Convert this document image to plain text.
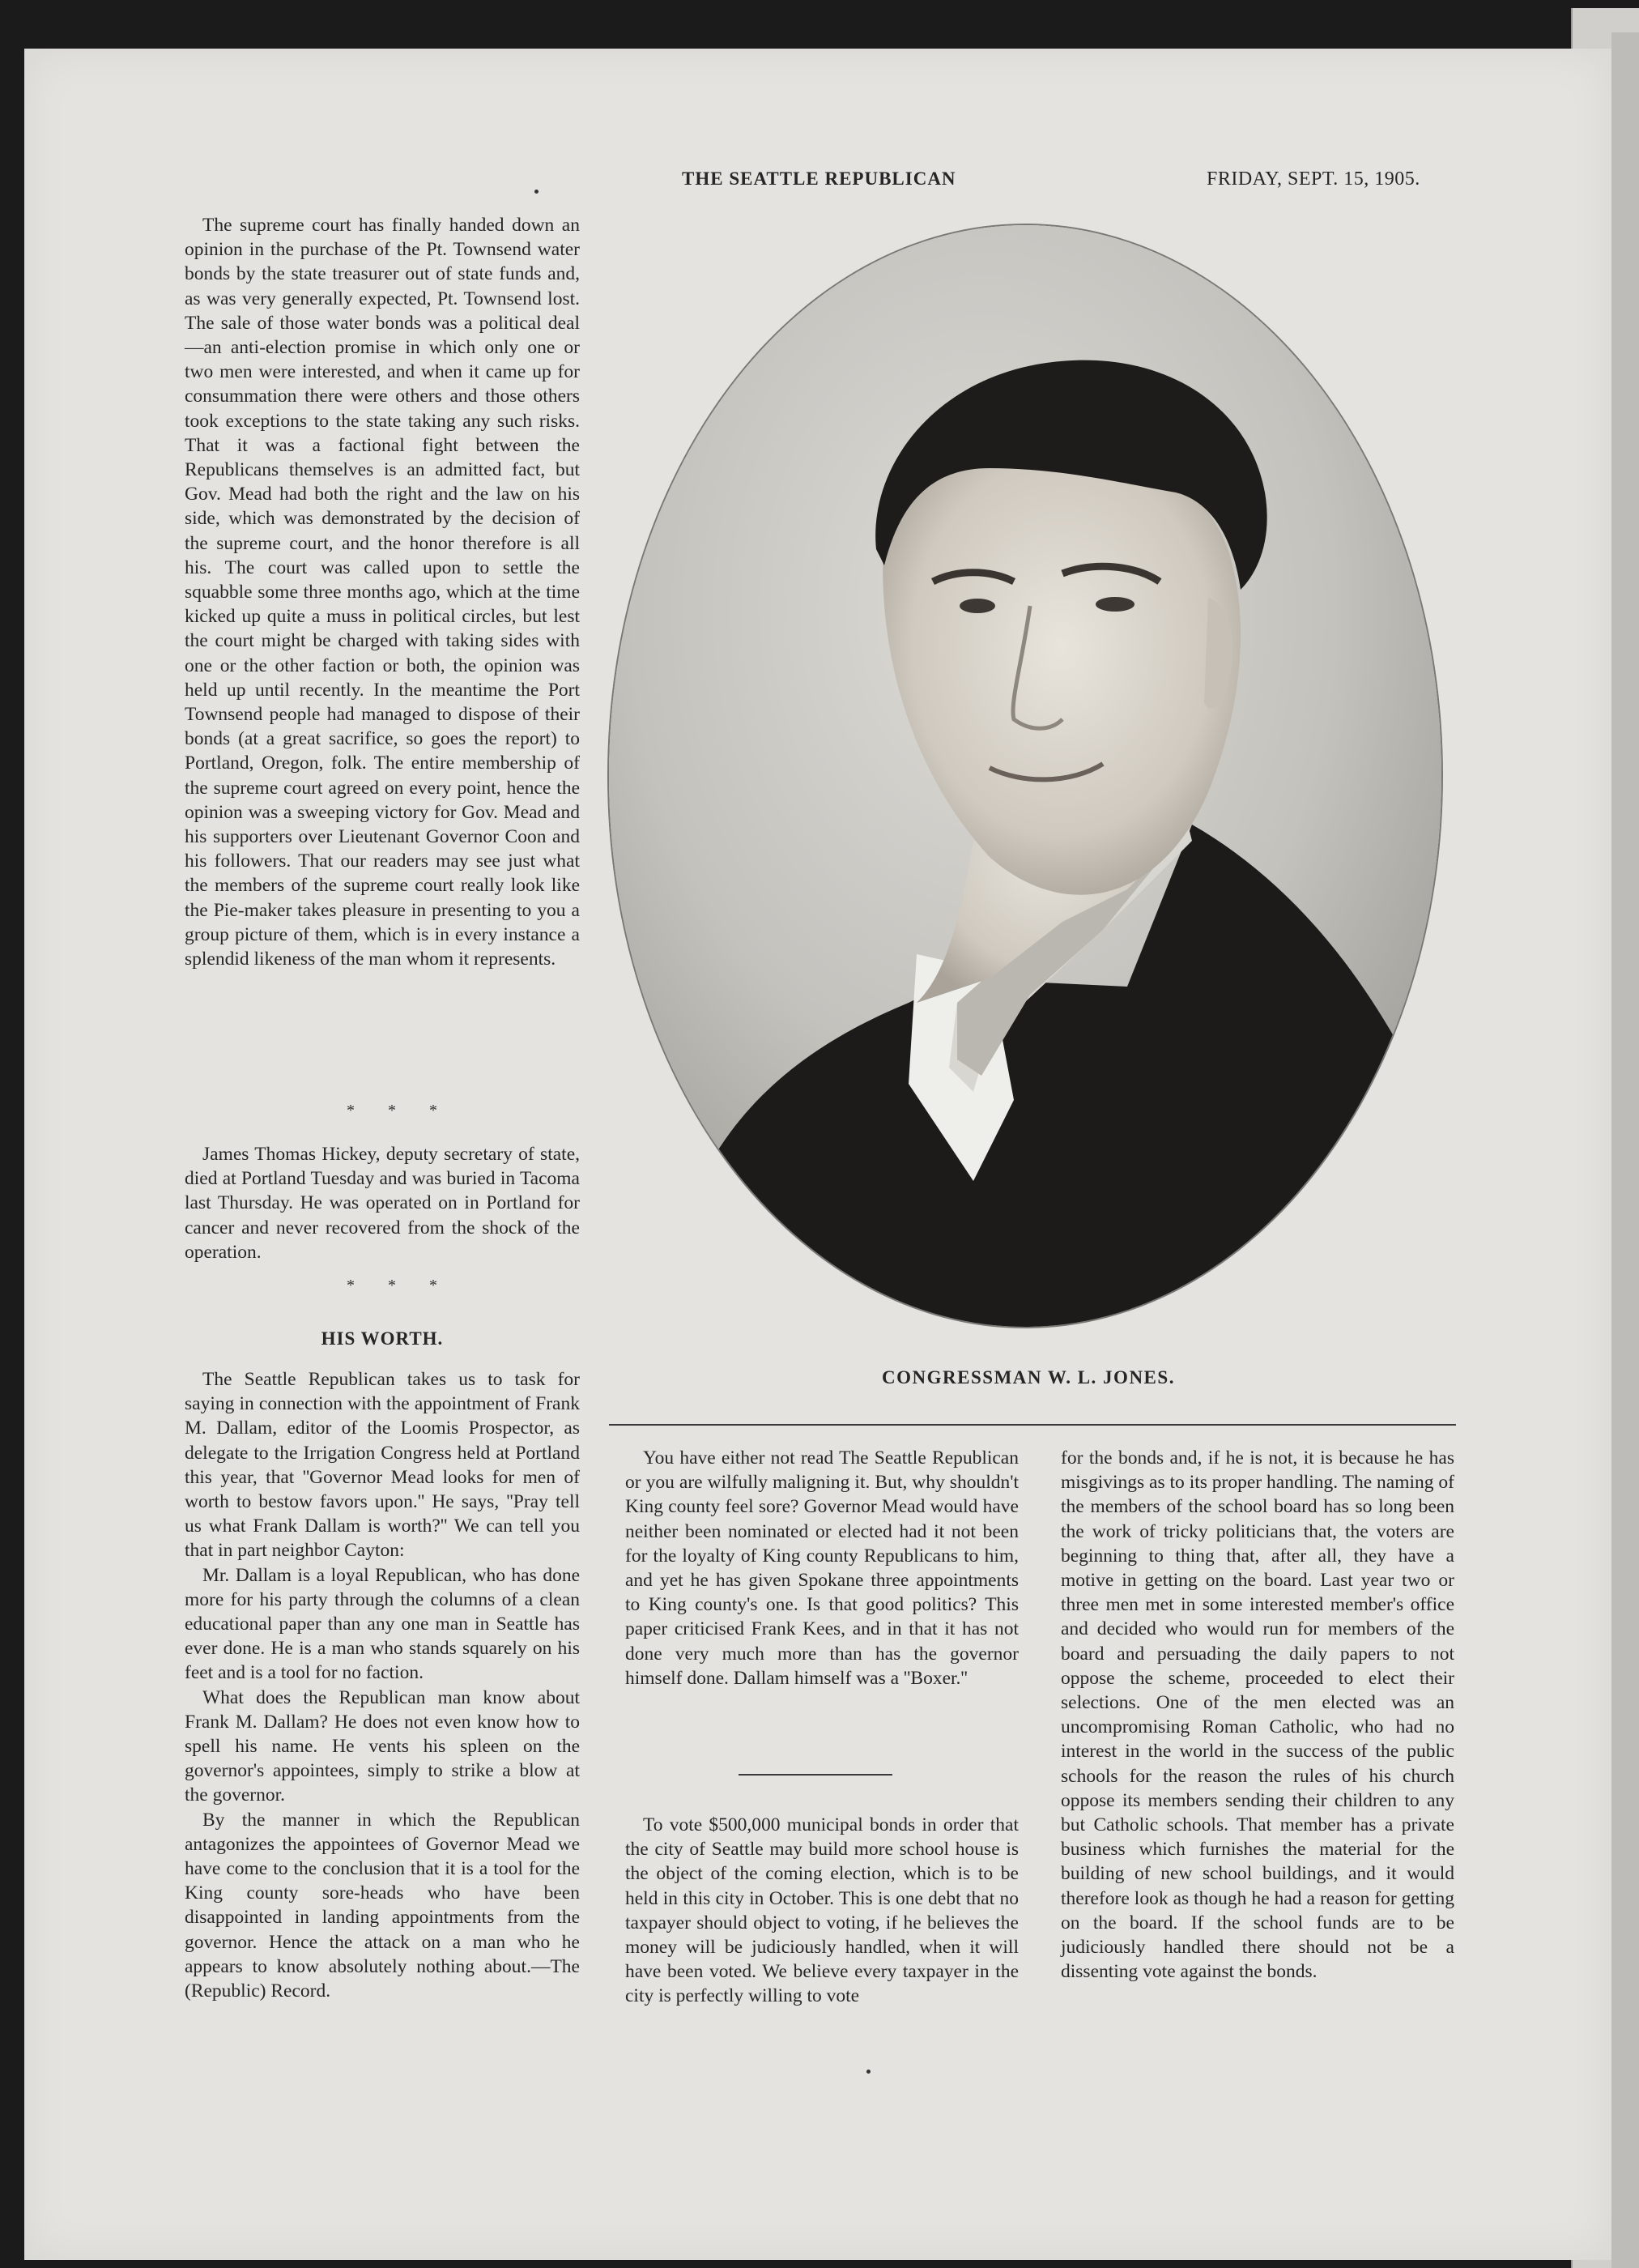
THE SEATTLE REPUBLICAN	FRIDAY, SEPT. 15, 1905.

The supreme court has finally handed down an opinion in the purchase of the Pt. Townsend water bonds by the state treasurer out of state funds and, as was very generally expected, Pt. Townsend lost. The sale of those water bonds was a political deal—an anti-election promise in which only one or two men were interested, and when it came up for consummation there were others and those others took exceptions to the state taking any such risks. That it was a factional fight between the Republicans themselves is an admitted fact, but Gov. Mead had both the right and the law on his side, which was demonstrated by the decision of the supreme court, and the honor therefore is all his. The court was called upon to settle the squabble some three months ago, which at the time kicked up quite a muss in political circles, but lest the court might be charged with taking sides with one or the other faction or both, the opinion was held up until recently. In the meantime the Port Townsend people had managed to dispose of their bonds (at a great sacrifice, so goes the report) to Portland, Oregon, folk. The entire membership of the supreme court agreed on every point, hence the opinion was a sweeping victory for Gov. Mead and his supporters over Lieutenant Governor Coon and his followers. That our readers may see just what the members of the supreme court really look like the Pie-maker takes pleasure in presenting to you a group picture of them, which is in every instance a splendid likeness of the man whom it represents.

* * *

James Thomas Hickey, deputy secretary of state, died at Portland Tuesday and was buried in Tacoma last Thursday. He was operated on in Portland for cancer and never recovered from the shock of the operation.

* * *
HIS WORTH.

The Seattle Republican takes us to task for saying in connection with the appointment of Frank M. Dallam, editor of the Loomis Prospector, as delegate to the Irrigation Congress held at Portland this year, that ''Governor Mead looks for men of worth to bestow favors upon.'' He says, ''Pray tell us what Frank Dallam is worth?'' We can tell you that in part neighbor Cayton:

Mr. Dallam is a loyal Republican, who has done more for his party through the columns of a clean educational paper than any one man in Seattle has ever done. He is a man who stands squarely on his feet and is a tool for no faction.

What does the Republican man know about Frank M. Dallam? He does not even know how to spell his name. He vents his spleen on the governor's appointees, simply to strike a blow at the governor.

By the manner in which the Republican antagonizes the appointees of Governor Mead we have come to the conclusion that it is a tool for the King county sore-heads who have been disappointed in landing appointments from the governor. Hence the attack on a man who he appears to know absolutely nothing about.—The (Republic) Record.

CONGRESSMAN W. L. JONES.

You have either not read The Seattle Republican or you are wilfully maligning it. But, why shouldn't King county feel sore? Governor Mead would have neither been nominated or elected had it not been for the loyalty of King county Republicans to him, and yet he has given Spokane three appointments to King county's one. Is that good politics? This paper criticised Frank Kees, and in that it has not done very much more than has the governor himself done. Dallam himself was a ''Boxer.''

To vote $500,000 municipal bonds in order that the city of Seattle may build more school house is the object of the coming election, which is to be held in this city in October. This is one debt that no taxpayer should object to voting, if he believes the money will be judiciously handled, when it will have been voted. We believe every taxpayer in the city is perfectly willing to vote

for the bonds and, if he is not, it is because he has misgivings as to its proper handling. The naming of the members of the school board has so long been the work of tricky politicians that, the voters are beginning to thing that, after all, they have a motive in getting on the board. Last year two or three men met in some interested member's office and decided who would run for members of the board and persuading the daily papers to not oppose the scheme, proceeded to elect their selections. One of the men elected was an uncompromising Roman Catholic, who had no interest in the world in the success of the public schools for the reason the rules of his church oppose its members sending their children to any but Catholic schools. That member has a private business which furnishes the material for the building of new school buildings, and it would therefore look as though he had a reason for getting on the board. If the school funds are to be judiciously handled there should not be a dissenting vote against the bonds.
